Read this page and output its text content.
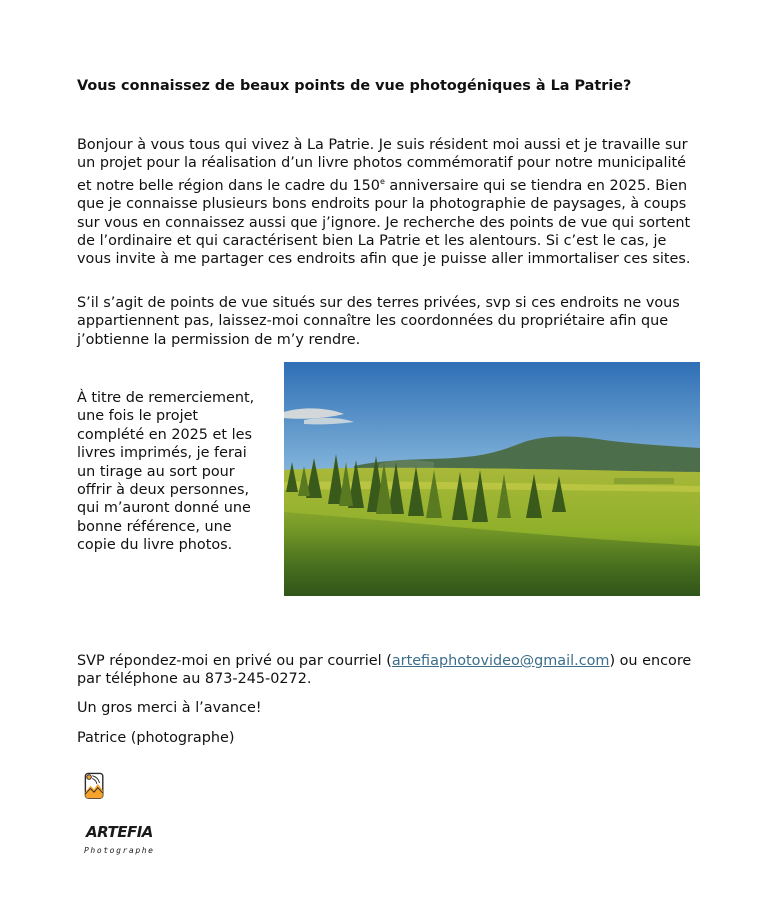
Vous connaissez de beaux points de vue photogéniques à La Patrie?

Bonjour à vous tous qui vivez à La Patrie. Je suis résident moi aussi et je travaille sur un projet pour la réalisation d’un livre photos commémoratif pour notre municipalité et notre belle région dans le cadre du 150e anniversaire qui se tiendra en 2025. Bien que je connaisse plusieurs bons endroits pour la photographie de paysages, à coups sur vous en connaissez aussi que j’ignore. Je recherche des points de vue qui sortent de l’ordinaire et qui caractérisent bien La Patrie et les alentours. Si c’est le cas, je vous invite à me partager ces endroits afin que je puisse aller immortaliser ces sites.

S’il s’agit de points de vue situés sur des terres privées, svp si ces endroits ne vous appartiennent pas, laissez-moi connaître les coordonnées du propriétaire afin que j’obtienne la permission de m’y rendre.

À titre de remerciement, une fois le projet complété en 2025 et les livres imprimés, je ferai un tirage au sort pour offrir à deux personnes, qui m’auront donné une bonne référence, une copie du livre photos.

SVP répondez-moi en privé ou par courriel (artefiaphotovideo@gmail.com) ou encore par téléphone au 873-245-0272.

Un gros merci à l’avance!

Patrice (photographe)

ARTEFIA
Photographe
